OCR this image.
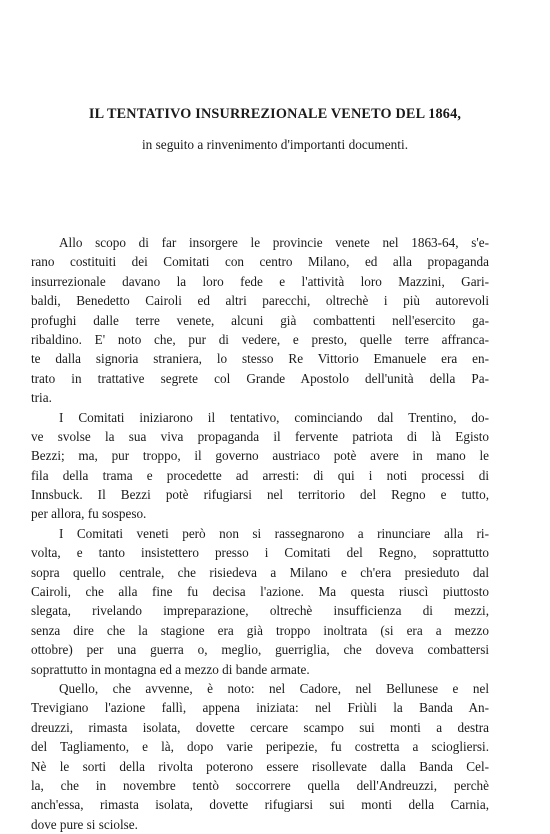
IL TENTATIVO INSURREZIONALE VENETO DEL 1864,
in seguito a rinvenimento d'importanti documenti.
Allo scopo di far insorgere le provincie venete nel 1863-64, s'e-
rano costituiti dei Comitati con centro Milano, ed alla propaganda
insurrezionale davano la loro fede e l'attività loro Mazzini, Gari-
baldi, Benedetto Cairoli ed altri parecchi, oltrechè i più autorevoli
profughi dalle terre venete, alcuni già combattenti nell'esercito ga-
ribaldino. E' noto che, pur di vedere, e presto, quelle terre affranca-
te dalla signoria straniera, lo stesso Re Vittorio Emanuele era en-
trato in trattative segrete col Grande Apostolo dell'unità della Pa-
tria.
I Comitati iniziarono il tentativo, cominciando dal Trentino, do-
ve svolse la sua viva propaganda il fervente patriota di là Egisto
Bezzi; ma, pur troppo, il governo austriaco potè avere in mano le
fila della trama e procedette ad arresti: di qui i noti processi di
Innsbuck. Il Bezzi potè rifugiarsi nel territorio del Regno e tutto,
per allora, fu sospeso.
I Comitati veneti però non si rassegnarono a rinunciare alla ri-
volta, e tanto insistettero presso i Comitati del Regno, soprattutto
sopra quello centrale, che risiedeva a Milano e ch'era presieduto dal
Cairoli, che alla fine fu decisa l'azione. Ma questa riuscì piuttosto
slegata, rivelando impreparazione, oltrechè insufficienza di mezzi,
senza dire che la stagione era già troppo inoltrata (si era a mezzo
ottobre) per una guerra o, meglio, guerriglia, che doveva combattersi
soprattutto in montagna ed a mezzo di bande armate.
Quello, che avvenne, è noto: nel Cadore, nel Bellunese e nel
Trevigiano l'azione fallì, appena iniziata: nel Friùli la Banda An-
dreuzzi, rimasta isolata, dovette cercare scampo sui monti a destra
del Tagliamento, e là, dopo varie peripezie, fu costretta a sciogliersi.
Nè le sorti della rivolta poterono essere risollevate dalla Banda Cel-
la, che in novembre tentò soccorrere quella dell'Andreuzzi, perchè
anch'essa, rimasta isolata, dovette rifugiarsi sui monti della Carnia,
dove pure si sciolse.
